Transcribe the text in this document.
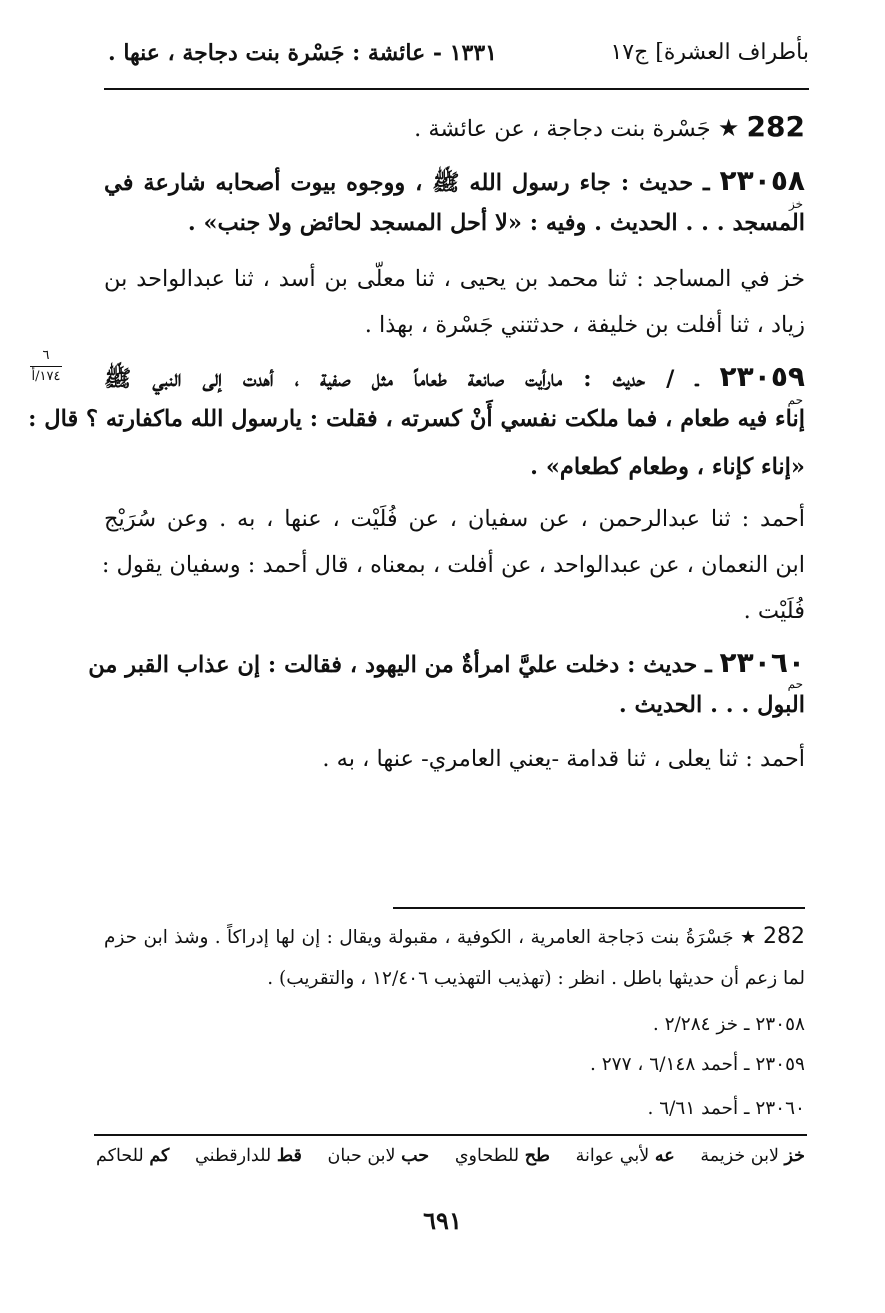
بأطراف العشرة] ج١٧
١٣٣١ - عائشة : جَسْرة بنت دجاجة ، عنها .
282 ★ جَسْرة بنت دجاجة ، عن عائشة .
٢٣٠٥٨ ـ حديث : جاء رسول الله ﷺ ، ووجوه بيوت أصحابه شارعة في
خز
المسجد . . . الحديث . وفيه : «لا أحل المسجد لحائض ولا جنب» .
خز في المساجد : ثنا محمد بن يحيى ، ثنا معلّى بن أسد ، ثنا عبدالواحد بن
زياد ، ثنا أفلت بن خليفة ، حدثتني جَسْرة ، بهذا .
٦
١٧٤/أ	٢٣٠٥٩ ـ / حديث : مارأيت صانعة طعاماً مثل صفية ، أهدت إلى النبي ﷺ
حم
إناء فيه طعام ، فما ملكت نفسي أَنْ كسرته ، فقلت : يارسول الله ماكفارته ؟ قال :
«إناء كإناء ، وطعام كطعام» .
أحمد : ثنا عبدالرحمن ، عن سفيان ، عن فُلَيْت ، عنها ، به . وعن سُرَيْج
ابن النعمان ، عن عبدالواحد ، عن أفلت ، بمعناه ، قال أحمد : وسفيان يقول :
فُلَيْت .
٢٣٠٦٠ ـ حديث : دخلت عليَّ امرأةٌ من اليهود ، فقالت : إن عذاب القبر من
حم
البول . . . الحديث .
أحمد : ثنا يعلى ، ثنا قدامة -يعني العامري- عنها ، به .
282 ★ جَسْرَةُ بنت دَجاجة العامرية ، الكوفية ، مقبولة ويقال : إن لها إدراكاً . وشذ ابن حزم
لما زعم أن حديثها باطل . انظر : (تهذيب التهذيب ١٢/٤٠٦ ، والتقريب) .
٢٣٠٥٨ ـ خز ٢/٢٨٤ .
٢٣٠٥٩ ـ أحمد ٦/١٤٨ ، ٢٧٧ .
٢٣٠٦٠ ـ أحمد ٦/٦١ .
خز لابن خزيمة
عه لأبي عوانة
طح للطحاوي
حب لابن حبان
قط للدارقطني
كم للحاكم
٦٩١
